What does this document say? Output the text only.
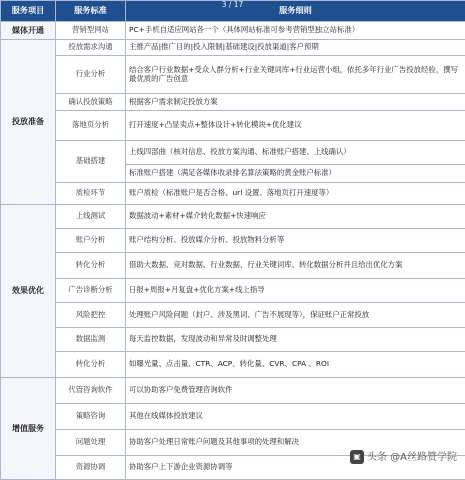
3 / 17
服务项目	服务标准	服务细则
媒体开通	营销型网站	PC+手机自适应网站各一个（具体网站标准可参考营销型独立站标准）
投放准备	投放需求沟通	主推产品|推广目的|投入限制|基础建设|投放渠道|客户预期
	行业分析	结合客户行业数据+受众人群分析+行业关键词库+行业运营小组，依托多年行业广告投放经验，撰写最优质的广告创意
	确认投放策略	根据客户需求制定投放方案
	落地页分析	打开速度+凸显卖点+整体设计+转化模块+优化建议
	基础搭建	上线四部曲（核对信息、投放方案沟通、标准账户搭建、上线确认）
		标准账户搭建（满足各媒体收录排名算法策略的黄金账户标准）
	质检环节	账户质检（标准账户是否合格、url 设置、落地页打开速度等）
效果优化	上线测试	数据波动+素材+媒介转化数据+快速响应
	账户分析	账户结构分析、投放媒介分析、投放物料分析等
	转化分析	借助大数据、竞对数据、行业数据、行业关键词库、转化数据分析并且给出优化方案
	广告诊断分析	日报+周报+月复盘+优化方案+线上指导
	风险把控	处理账户风险问题（封户、涉及黑词、广告不展现等），保证账户正常投放
	数据监测	每天监控数据，发现波动和异常及时调整处理
	转化分析	如曝光量、点击量、CTR、ACP、转化量、CVR、CPA 、ROI
增值服务	代管咨询软件	可以协助客户免费管理咨询软件
	策略咨询	其他在线媒体投放建议
	问题处理	协助客户处理日常账户问题及其他事项的处理和解决
	资源协调	协助客户上下游企业资源协调等
▣ 头条 @A丝路赞学院
